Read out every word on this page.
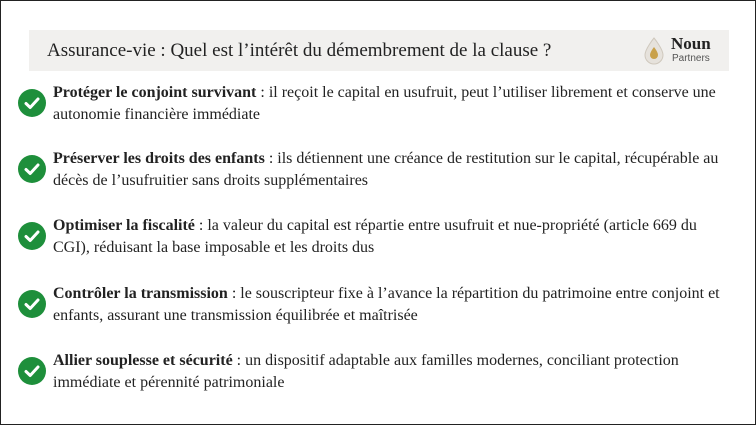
Assurance-vie : Quel est l’intérêt du démembrement de la clause ?	Noun
Partners
Protéger le conjoint survivant : il reçoit le capital en usufruit, peut l’utiliser librement et conserve une autonomie financière immédiate
Préserver les droits des enfants : ils détiennent une créance de restitution sur le capital, récupérable au décès de l’usufruitier sans droits supplémentaires
Optimiser la fiscalité : la valeur du capital est répartie entre usufruit et nue-propriété (article 669 du CGI), réduisant la base imposable et les droits dus
Contrôler la transmission : le souscripteur fixe à l’avance la répartition du patrimoine entre conjoint et enfants, assurant une transmission équilibrée et maîtrisée
Allier souplesse et sécurité : un dispositif adaptable aux familles modernes, conciliant protection immédiate et pérennité patrimoniale
